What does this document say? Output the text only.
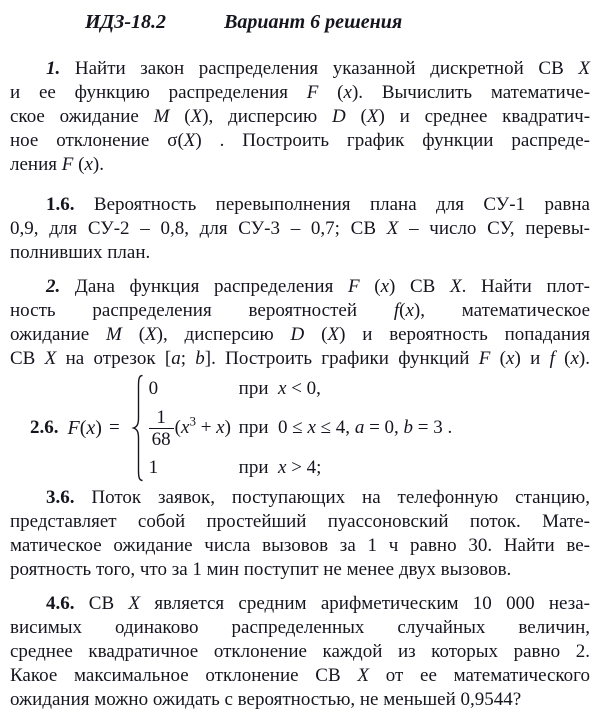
ИДЗ-18.2	Вариант 6 решения
1. Найти закон распределения указанной дискретной СВ X
и ее функцию распределения F (x). Вычислить математиче-
ское ожидание M (X), дисперсию D (X) и среднее квадратич-
ное отклонение σ(X) . Построить график функции распреде-
ления F (x).
1.6. Вероятность перевыполнения плана для СУ-1 равна
0,9, для СУ-2 – 0,8, для СУ-3 – 0,7; СВ X – число СУ, перевы-
полнивших план.
2. Дана функция распределения F (x) СВ X. Найти плот-
ность распределения вероятностей f(x), математическое
ожидание M (X), дисперсию D (X) и вероятность попадания
СВ X на отрезок [a; b]. Построить графики функций F (x) и f (x).
2.6. F(x) =
0	при  x < 0,
$\frac{1}{68} (x^3 + x)$ при  0 ≤ x ≤ 4, a = 0, b = 3 .
1	при  x > 4;
3.6. Поток заявок, поступающих на телефонную станцию,
представляет собой простейший пуассоновский поток. Мате-
матическое ожидание числа вызовов за 1 ч равно 30. Найти ве-
роятность того, что за 1 мин поступит не менее двух вызовов.
4.6. СВ X является средним арифметическим 10 000 неза-
висимых одинаково распределенных случайных величин,
среднее квадратичное отклонение каждой из которых равно 2.
Какое максимальное отклонение СВ X от ее математического
ожидания можно ожидать с вероятностью, не меньшей 0,9544?
